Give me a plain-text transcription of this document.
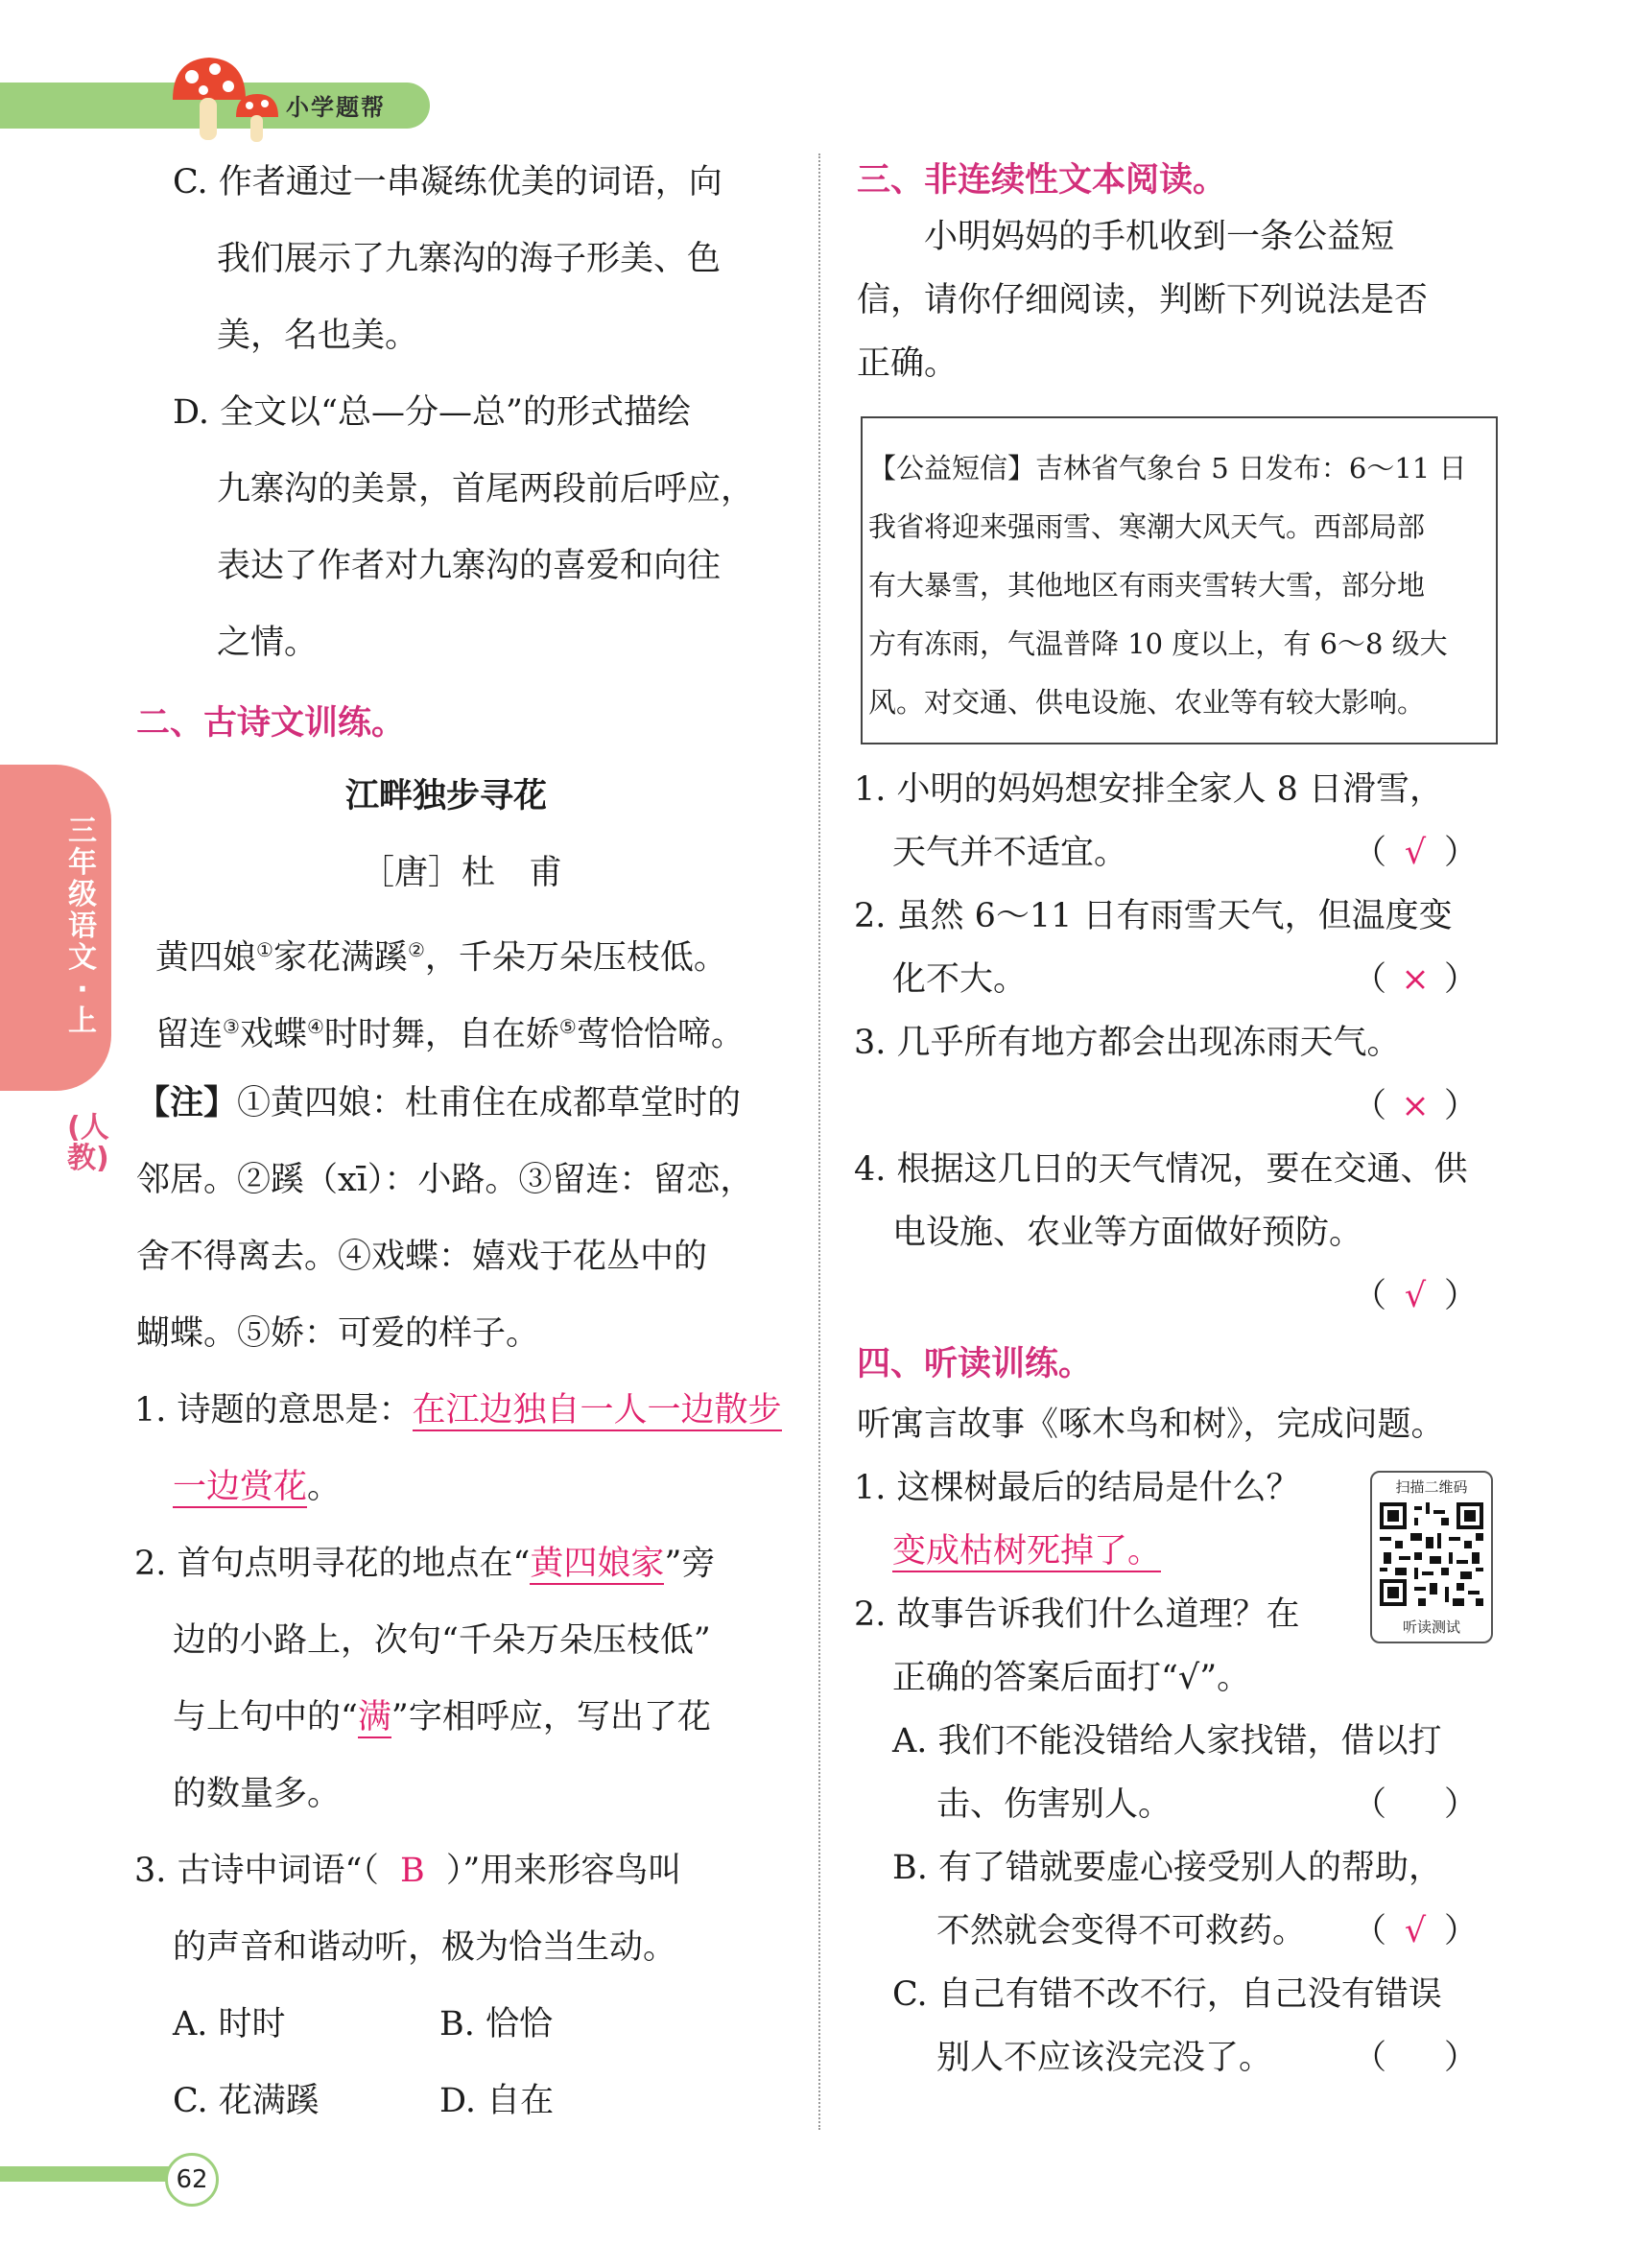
小学题帮
三年级语文·上
(人教)
C. 作者通过一串凝练优美的词语，向
我们展示了九寨沟的海子形美、色
美，名也美。
D. 全文以“总—分—总”的形式描绘
九寨沟的美景，首尾两段前后呼应，
表达了作者对九寨沟的喜爱和向往
之情。
二、古诗文训练。
江畔独步寻花
［唐］杜　甫
黄四娘①家花满蹊②，千朵万朵压枝低。
留连③戏蝶④时时舞，自在娇⑤莺恰恰啼。
【注】①黄四娘：杜甫住在成都草堂时的
邻居。②蹊（xī）：小路。③留连：留恋，
舍不得离去。④戏蝶：嬉戏于花丛中的
蝴蝶。⑤娇：可爱的样子。
1. 诗题的意思是：在江边独自一人一边散步
一边赏花。
2. 首句点明寻花的地点在“黄四娘家”旁
边的小路上，次句“千朵万朵压枝低”
与上句中的“满”字相呼应，写出了花
的数量多。
3. 古诗中词语“（ B ）”用来形容鸟叫
的声音和谐动听，极为恰当生动。
A. 时时	B. 恰恰
C. 花满蹊	D. 自在
三、非连续性文本阅读。
小明妈妈的手机收到一条公益短
信，请你仔细阅读，判断下列说法是否
正确。
【公益短信】吉林省气象台 5 日发布：6～11 日
我省将迎来强雨雪、寒潮大风天气。西部局部
有大暴雪，其他地区有雨夹雪转大雪，部分地
方有冻雨，气温普降 10 度以上，有 6～8 级大
风。对交通、供电设施、农业等有较大影响。
1. 小明的妈妈想安排全家人 8 日滑雪，
天气并不适宜。	（ √ ）
2. 虽然 6～11 日有雨雪天气，但温度变
化不大。	（ × ）
3. 几乎所有地方都会出现冻雨天气。
（ × ）
4. 根据这几日的天气情况，要在交通、供
电设施、农业等方面做好预防。
（ √ ）
四、听读训练。
听寓言故事《啄木鸟和树》，完成问题。
1. 这棵树最后的结局是什么？
变成枯树死掉了。
2. 故事告诉我们什么道理？在
正确的答案后面打“√”。
A. 我们不能没错给人家找错，借以打
击、伤害别人。	（ ）
B. 有了错就要虚心接受别人的帮助，
不然就会变得不可救药。 （ √ ）
C. 自己有错不改不行，自己没有错误
别人不应该没完没了。 （ ）
扫描二维码
听读测试
62
